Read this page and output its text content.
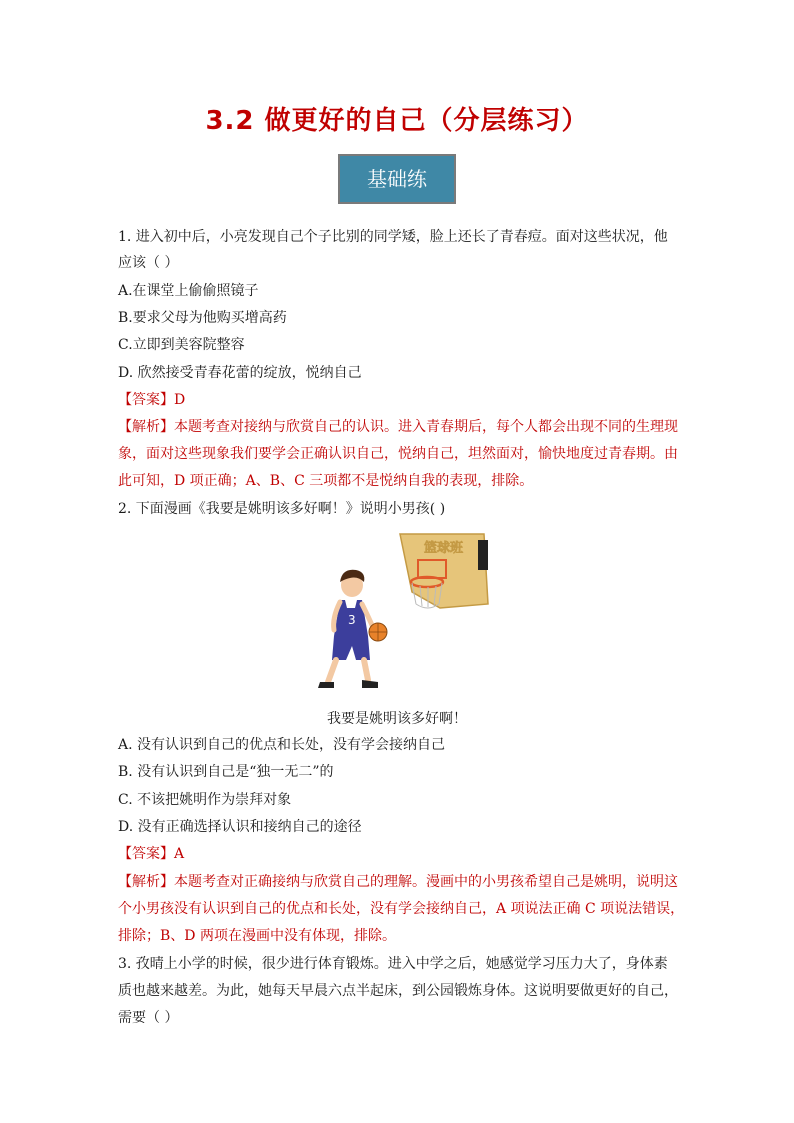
3.2 做更好的自己（分层练习）
基础练
1. 进入初中后，小亮发现自己个子比别的同学矮，脸上还长了青春痘。面对这些状况，他
应该（ ）
A.在课堂上偷偷照镜子
B.要求父母为他购买增高药
C.立即到美容院整容
D. 欣然接受青春花蕾的绽放，悦纳自己
【答案】D
【解析】本题考查对接纳与欣赏自己的认识。进入青春期后，每个人都会出现不同的生理现
象，面对这些现象我们要学会正确认识自己，悦纳自己，坦然面对，愉快地度过青春期。由
此可知，D 项正确；A、B、C 三项都不是悦纳自我的表现，排除。
2. 下面漫画《我要是姚明该多好啊！》说明小男孩( )
篮球班
3
我要是姚明该多好啊！
A. 没有认识到自己的优点和长处，没有学会接纳自己
B. 没有认识到自己是“独一无二”的
C. 不该把姚明作为崇拜对象
D. 没有正确选择认识和接纳自己的途径
【答案】A
【解析】本题考查对正确接纳与欣赏自己的理解。漫画中的小男孩希望自己是姚明，说明这
个小男孩没有认识到自己的优点和长处，没有学会接纳自己，A 项说法正确 C 项说法错误，
排除；B、D 两项在漫画中没有体现，排除。
3. 孜晴上小学的时候，很少进行体育锻炼。进入中学之后，她感觉学习压力大了，身体素
质也越来越差。为此，她每天早晨六点半起床，到公园锻炼身体。这说明要做更好的自己，
需要（ ）
